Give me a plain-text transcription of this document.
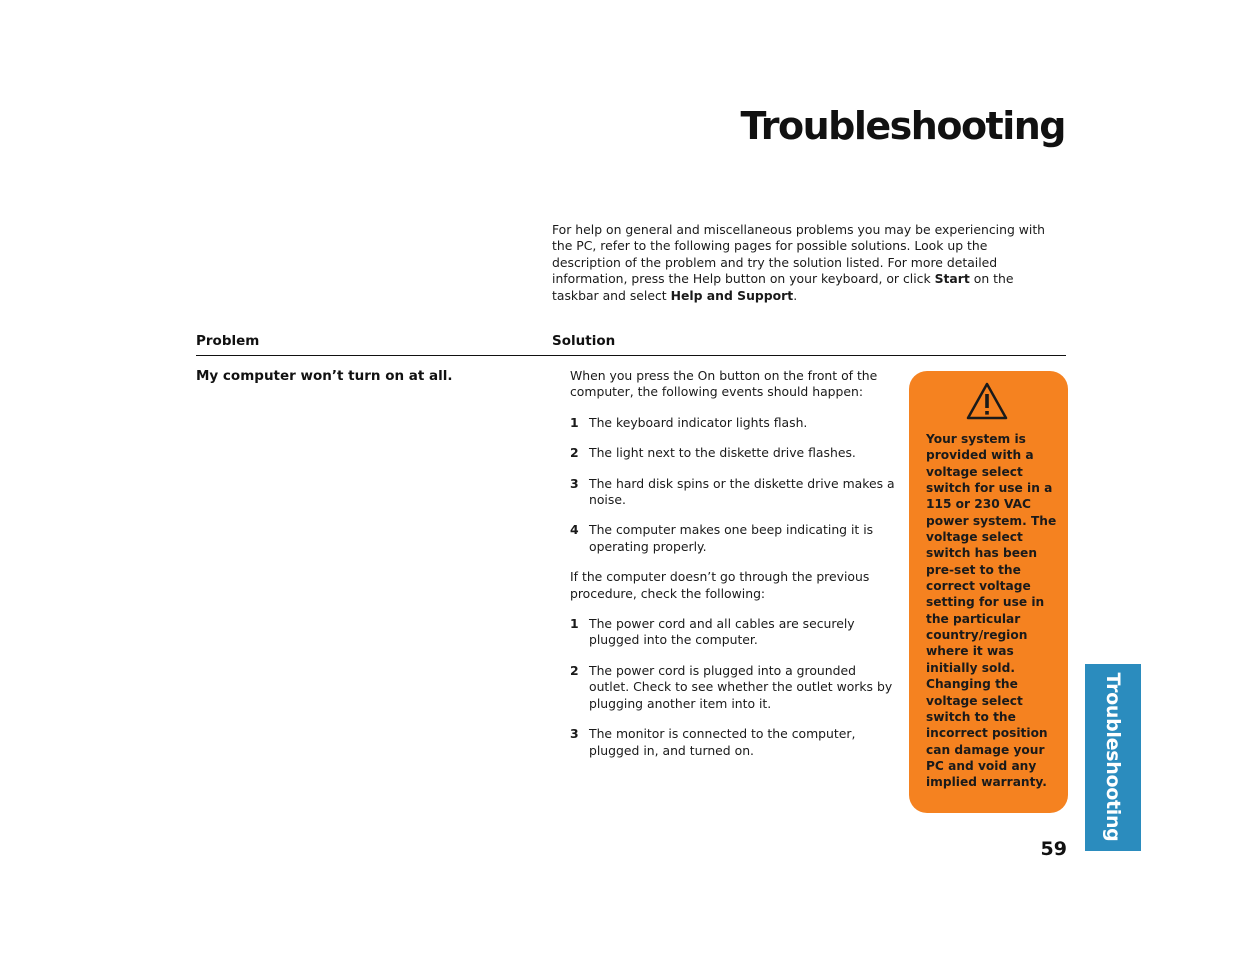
Troubleshooting

For help on general and miscellaneous problems you may be experiencing with the PC, refer to the following pages for possible solutions. Look up the description of the problem and try the solution listed. For more detailed information, press the Help button on your keyboard, or click Start on the taskbar and select Help and Support.

Problem	Solution

My computer won’t turn on at all.	When you press the On button on the front of the computer, the following events should happen:

1 The keyboard indicator lights flash.
2 The light next to the diskette drive flashes.
3 The hard disk spins or the diskette drive makes a noise.
4 The computer makes one beep indicating it is operating properly.

If the computer doesn’t go through the previous procedure, check the following:

1 The power cord and all cables are securely plugged into the computer.
2 The power cord is plugged into a grounded outlet. Check to see whether the outlet works by plugging another item into it.
3 The monitor is connected to the computer, plugged in, and turned on.

Your system is provided with a voltage select switch for use in a 115 or 230 VAC power system. The voltage select switch has been pre-set to the correct voltage setting for use in the particular country/region where it was initially sold. Changing the voltage select switch to the incorrect position can damage your PC and void any implied warranty.	Troubleshooting

59
